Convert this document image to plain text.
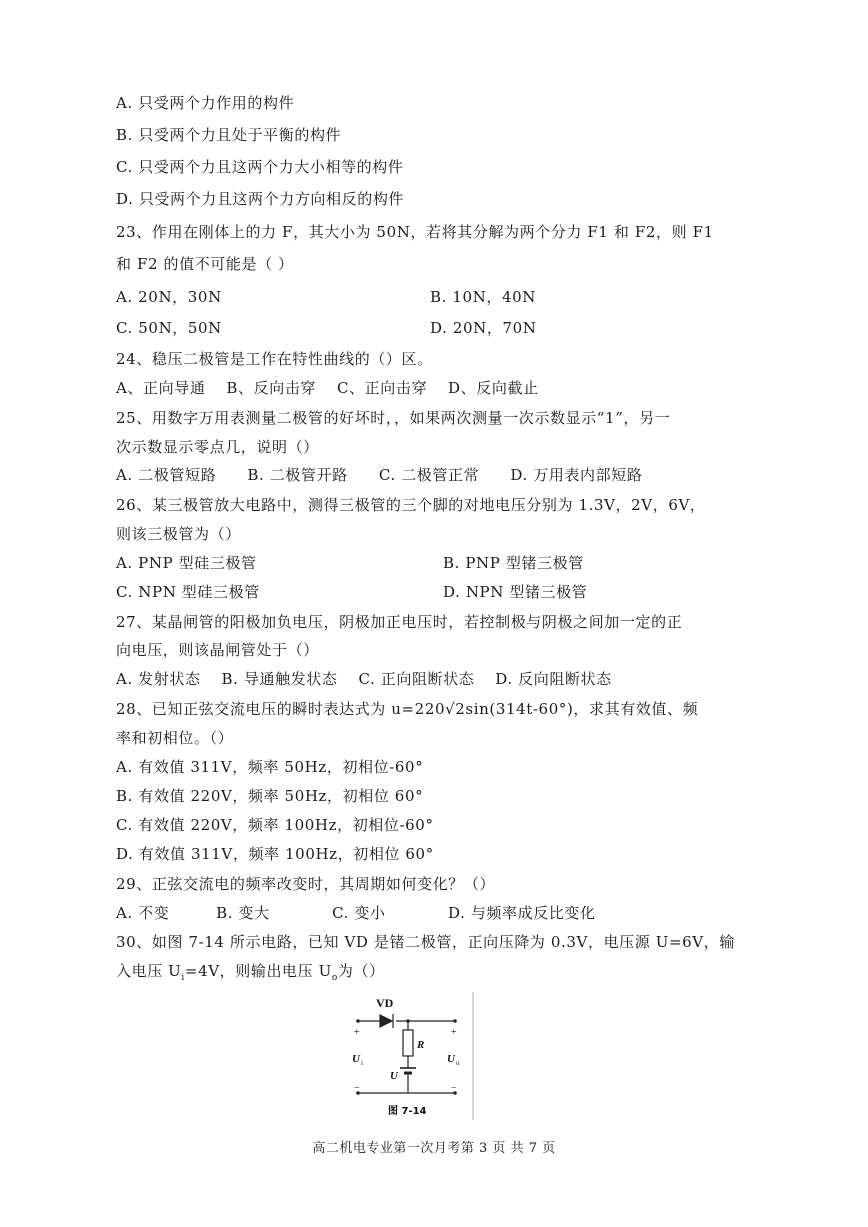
A. 只受两个力作用的构件
B. 只受两个力且处于平衡的构件
C. 只受两个力且这两个力大小相等的构件
D. 只受两个力且这两个力方向相反的构件
23、作用在刚体上的力 F，其大小为 50N，若将其分解为两个分力 F1 和 F2，则 F1
和 F2 的值不可能是（ ）
A. 20N，30N	B. 10N，40N
C. 50N，50N	D. 20N，70N
24、稳压二极管是工作在特性曲线的（）区。
A、正向导通　 B、反向击穿　 C、正向击穿　 D、反向截止
25、用数字万用表测量二极管的好坏时，，如果两次测量一次示数显示“1”，另一
次示数显示零点几，说明（）
A. 二极管短路　　B. 二极管开路　　C. 二极管正常　　D. 万用表内部短路
26、某三极管放大电路中，测得三极管的三个脚的对地电压分别为 1.3V，2V，6V，
则该三极管为（）
A. PNP 型硅三极管	B. PNP 型锗三极管
C. NPN 型硅三极管	D. NPN 型锗三极管
27、某晶闸管的阳极加负电压，阴极加正电压时，若控制极与阴极之间加一定的正
向电压，则该晶闸管处于（）
A. 发射状态　 B. 导通触发状态　 C. 正向阻断状态　 D. 反向阻断状态
28、已知正弦交流电压的瞬时表达式为 u=220√2sin(314t-60°)，求其有效值、频
率和初相位。（）
A. 有效值 311V，频率 50Hz，初相位-60°
B. 有效值 220V，频率 50Hz，初相位 60°
C. 有效值 220V，频率 100Hz，初相位-60°
D. 有效值 311V，频率 100Hz，初相位 60°
29、正弦交流电的频率改变时，其周期如何变化？（）
A. 不变　　　B. 变大　　　　C. 变小　　　　D. 与频率成反比变化
30、如图 7-14 所示电路，已知 VD 是锗二极管，正向压降为 0.3V，电压源 U=6V，输
入电压 $U_i=4V$，则输出电压 $U_o$为（）
VD
R
U
+	+
−	−
U i	U o
图 7-14
高二机电专业第一次月考第 3 页 共 7 页
